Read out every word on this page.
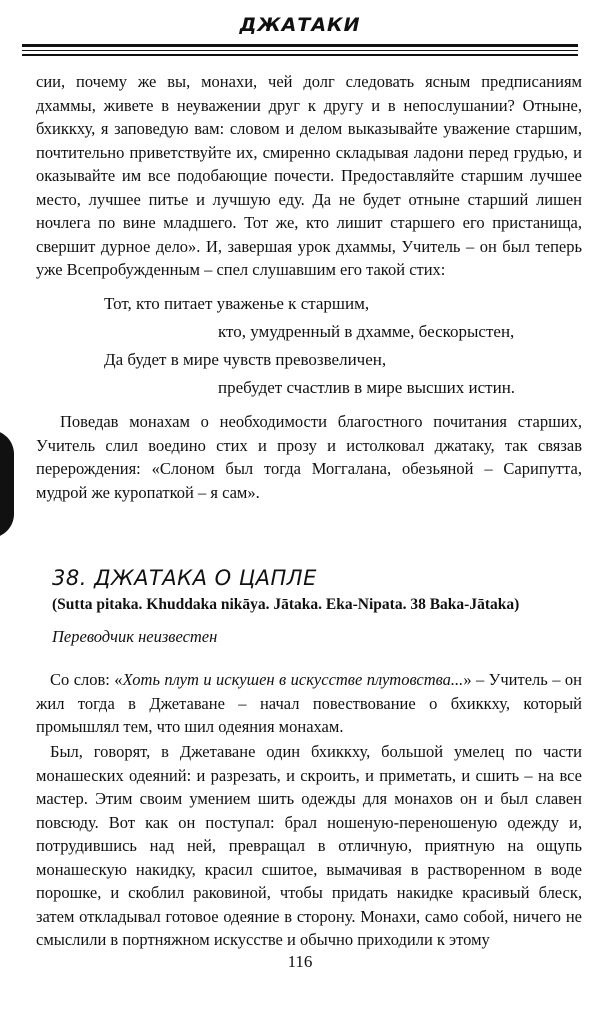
ДЖАТАКИ
сии, почему же вы, монахи, чей долг следовать ясным предписаниям дхаммы, живете в неуважении друг к другу и в непослушании? Отныне, бхиккху, я заповедую вам: словом и делом выказывайте уважение старшим, почтительно приветствуйте их, смиренно складывая ладони перед грудью, и оказывайте им все подобающие почести. Предоставляйте старшим лучшее место, лучшее питье и лучшую еду. Да не будет отныне старший лишен ночлега по вине младшего. Тот же, кто лишит старшего его пристанища, свершит дурное дело». И, завершая урок дхаммы, Учитель – он был теперь уже Всепробужденным – спел слушавшим его такой стих:
Тот, кто питает уваженье к старшим,
кто, умудренный в дхамме, бескорыстен,
Да будет в мире чувств превозвеличен,
пребудет счастлив в мире высших истин.
Поведав монахам о необходимости благостного почитания старших, Учитель слил воедино стих и прозу и истолковал джатаку, так связав перерождения: «Слоном был тогда Моггалана, обезьяной – Сарипутта, мудрой же куропаткой – я сам».
38. ДЖАТАКА О ЦАПЛЕ
(Sutta pitaka. Khuddaka nikāya. Jātaka. Eka-Nipata. 38 Baka-Jātaka)
Переводчик неизвестен
Со слов: «Хоть плут и искушен в искусстве плутовства...» – Учитель – он жил тогда в Джетаване – начал повествование о бхиккху, который промышлял тем, что шил одеяния монахам.
Был, говорят, в Джетаване один бхиккху, большой умелец по части монашеских одеяний: и разрезать, и скроить, и приметать, и сшить – на все мастер. Этим своим умением шить одежды для монахов он и был славен повсюду. Вот как он поступал: брал ношеную-переношеную одежду и, потрудившись над ней, превращал в отличную, приятную на ощупь монашескую накидку, красил сшитое, вымачивая в растворенном в воде порошке, и скоблил раковиной, чтобы придать накидке красивый блеск, затем откладывал готовое одеяние в сторону. Монахи, само собой, ничего не смыслили в портняжном искусстве и обычно приходили к этому
116
